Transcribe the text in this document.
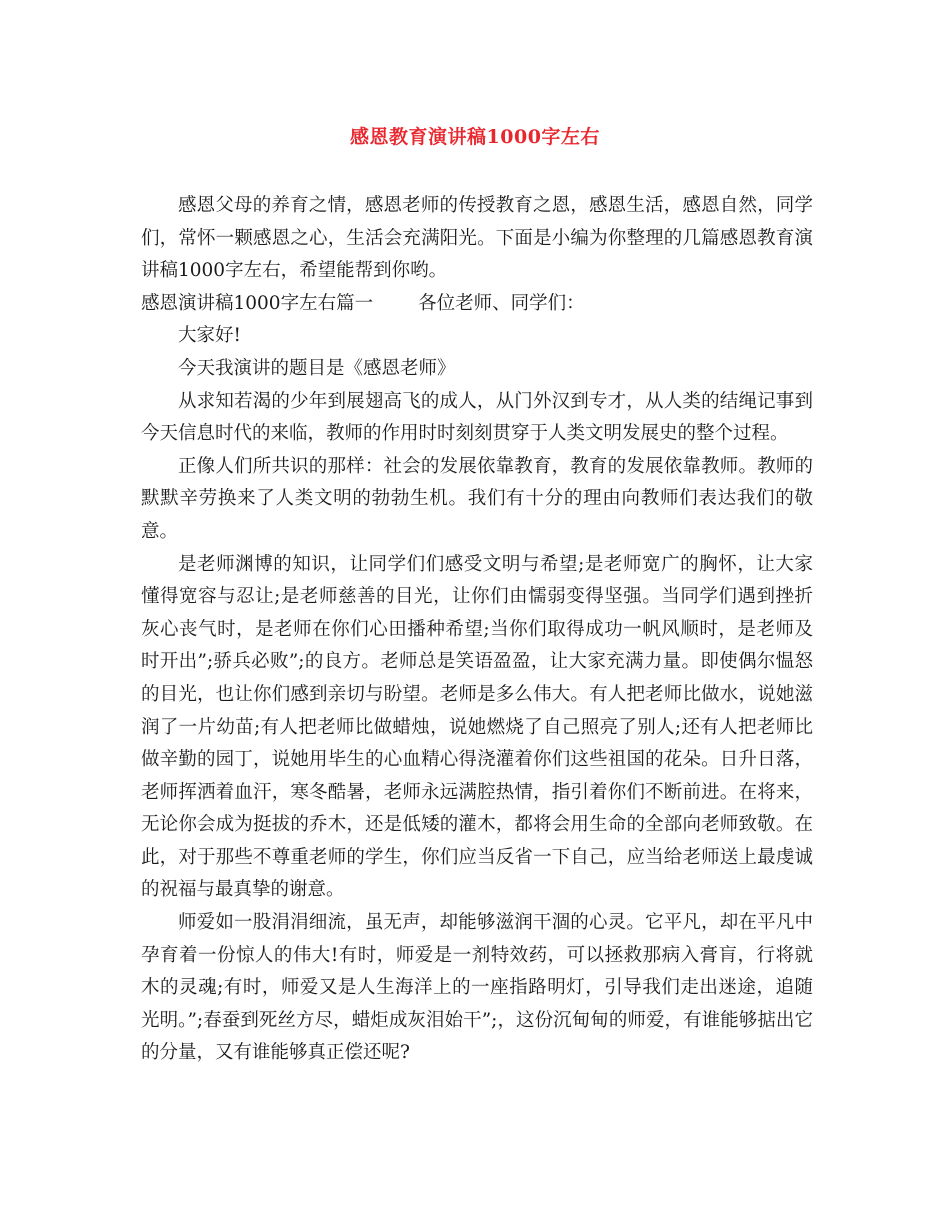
感恩教育演讲稿1000字左右

感恩父母的养育之情，感恩老师的传授教育之恩，感恩生活，感恩自然，同学们，常怀一颗感恩之心，生活会充满阳光。下面是小编为你整理的几篇感恩教育演讲稿1000字左右，希望能帮到你哟。

感恩演讲稿1000字左右篇一 各位老师、同学们：

大家好!

今天我演讲的题目是《感恩老师》

从求知若渴的少年到展翅高飞的成人，从门外汉到专才，从人类的结绳记事到今天信息时代的来临，教师的作用时时刻刻贯穿于人类文明发展史的整个过程。

正像人们所共识的那样：社会的发展依靠教育，教育的发展依靠教师。教师的默默辛劳换来了人类文明的勃勃生机。我们有十分的理由向教师们表达我们的敬意。

是老师渊博的知识，让同学们们感受文明与希望;是老师宽广的胸怀，让大家懂得宽容与忍让;是老师慈善的目光，让你们由懦弱变得坚强。当同学们遇到挫折灰心丧气时，是老师在你们心田播种希望;当你们取得成功一帆风顺时，是老师及时开出”;骄兵必败”;的良方。老师总是笑语盈盈，让大家充满力量。即使偶尔愠怒的目光，也让你们感到亲切与盼望。老师是多么伟大。有人把老师比做水，说她滋润了一片幼苗;有人把老师比做蜡烛，说她燃烧了自己照亮了别人;还有人把老师比做辛勤的园丁，说她用毕生的心血精心得浇灌着你们这些祖国的花朵。日升日落，老师挥洒着血汗，寒冬酷暑，老师永远满腔热情，指引着你们不断前进。在将来，无论你会成为挺拔的乔木，还是低矮的灌木，都将会用生命的全部向老师致敬。在此，对于那些不尊重老师的学生，你们应当反省一下自己，应当给老师送上最虔诚的祝福与最真挚的谢意。

师爱如一股涓涓细流，虽无声，却能够滋润干涸的心灵。它平凡，却在平凡中孕育着一份惊人的伟大!有时，师爱是一剂特效药，可以拯救那病入膏肓，行将就木的灵魂;有时，师爱又是人生海洋上的一座指路明灯，引导我们走出迷途，追随光明。”;春蚕到死丝方尽，蜡炬成灰泪始干”;，这份沉甸甸的师爱，有谁能够掂出它的分量，又有谁能够真正偿还呢?
